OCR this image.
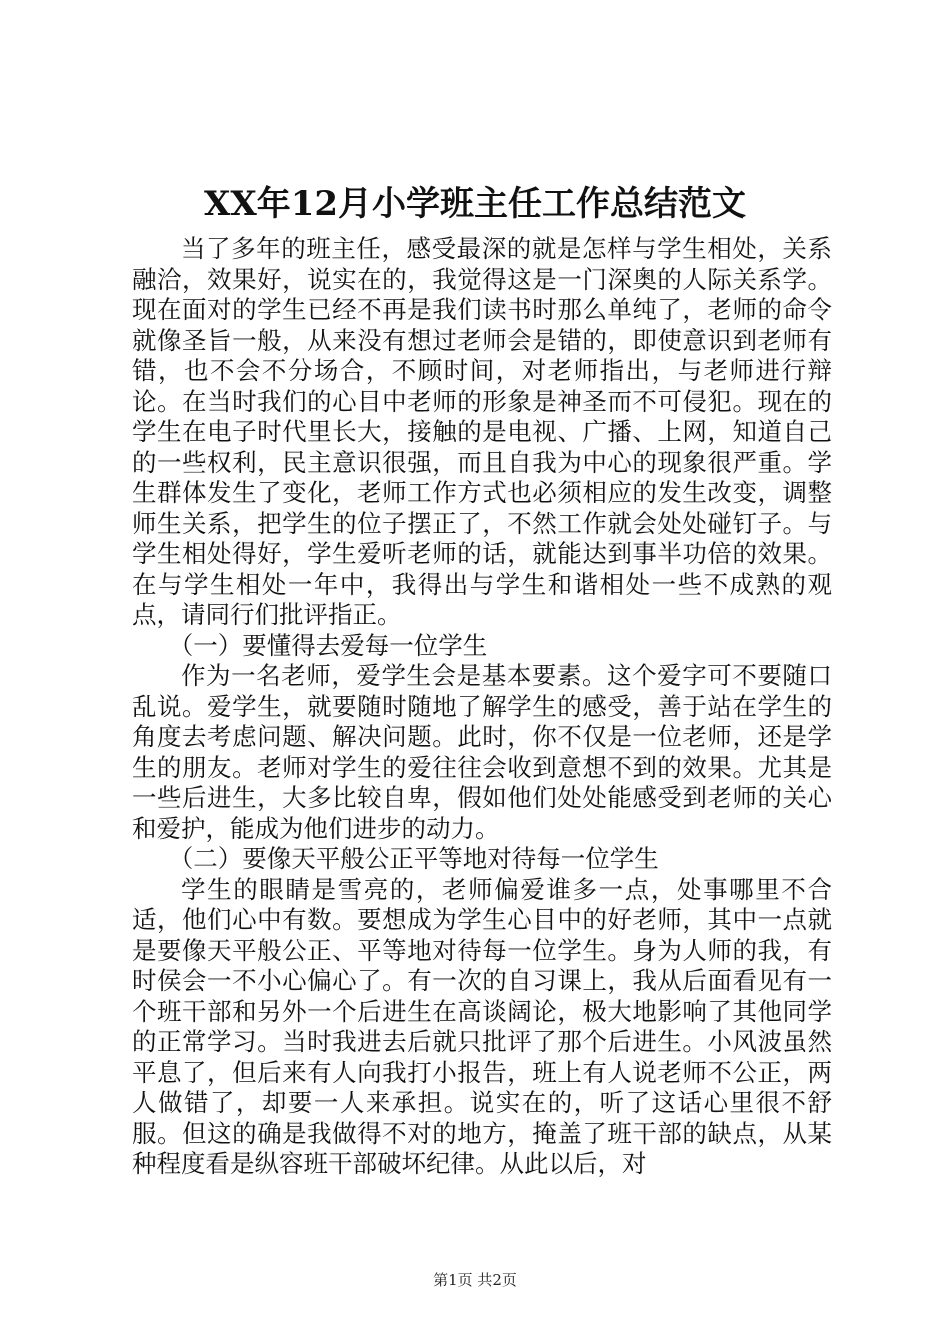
XX年12月小学班主任工作总结范文

当了多年的班主任，感受最深的就是怎样与学生相处，关系融洽，效果好，说实在的，我觉得这是一门深奥的人际关系学。现在面对的学生已经不再是我们读书时那么单纯了，老师的命令就像圣旨一般，从来没有想过老师会是错的，即使意识到老师有错，也不会不分场合，不顾时间，对老师指出，与老师进行辩论。在当时我们的心目中老师的形象是神圣而不可侵犯。现在的学生在电子时代里长大，接触的是电视、广播、上网，知道自己的一些权利，民主意识很强，而且自我为中心的现象很严重。学生群体发生了变化，老师工作方式也必须相应的发生改变，调整师生关系，把学生的位子摆正了，不然工作就会处处碰钉子。与学生相处得好，学生爱听老师的话，就能达到事半功倍的效果。在与学生相处一年中，我得出与学生和谐相处一些不成熟的观点，请同行们批评指正。

（一）要懂得去爱每一位学生

作为一名老师，爱学生会是基本要素。这个爱字可不要随口乱说。爱学生，就要随时随地了解学生的感受，善于站在学生的角度去考虑问题、解决问题。此时，你不仅是一位老师，还是学生的朋友。老师对学生的爱往往会收到意想不到的效果。尤其是一些后进生，大多比较自卑，假如他们处处能感受到老师的关心和爱护，能成为他们进步的动力。

（二）要像天平般公正平等地对待每一位学生

学生的眼睛是雪亮的，老师偏爱谁多一点，处事哪里不合适，他们心中有数。要想成为学生心目中的好老师，其中一点就是要像天平般公正、平等地对待每一位学生。身为人师的我，有时侯会一不小心偏心了。有一次的自习课上，我从后面看见有一个班干部和另外一个后进生在高谈阔论，极大地影响了其他同学的正常学习。当时我进去后就只批评了那个后进生。小风波虽然平息了，但后来有人向我打小报告，班上有人说老师不公正，两人做错了，却要一人来承担。说实在的，听了这话心里很不舒服。但这的确是我做得不对的地方，掩盖了班干部的缺点，从某种程度看是纵容班干部破坏纪律。从此以后，对

第1页 共2页
